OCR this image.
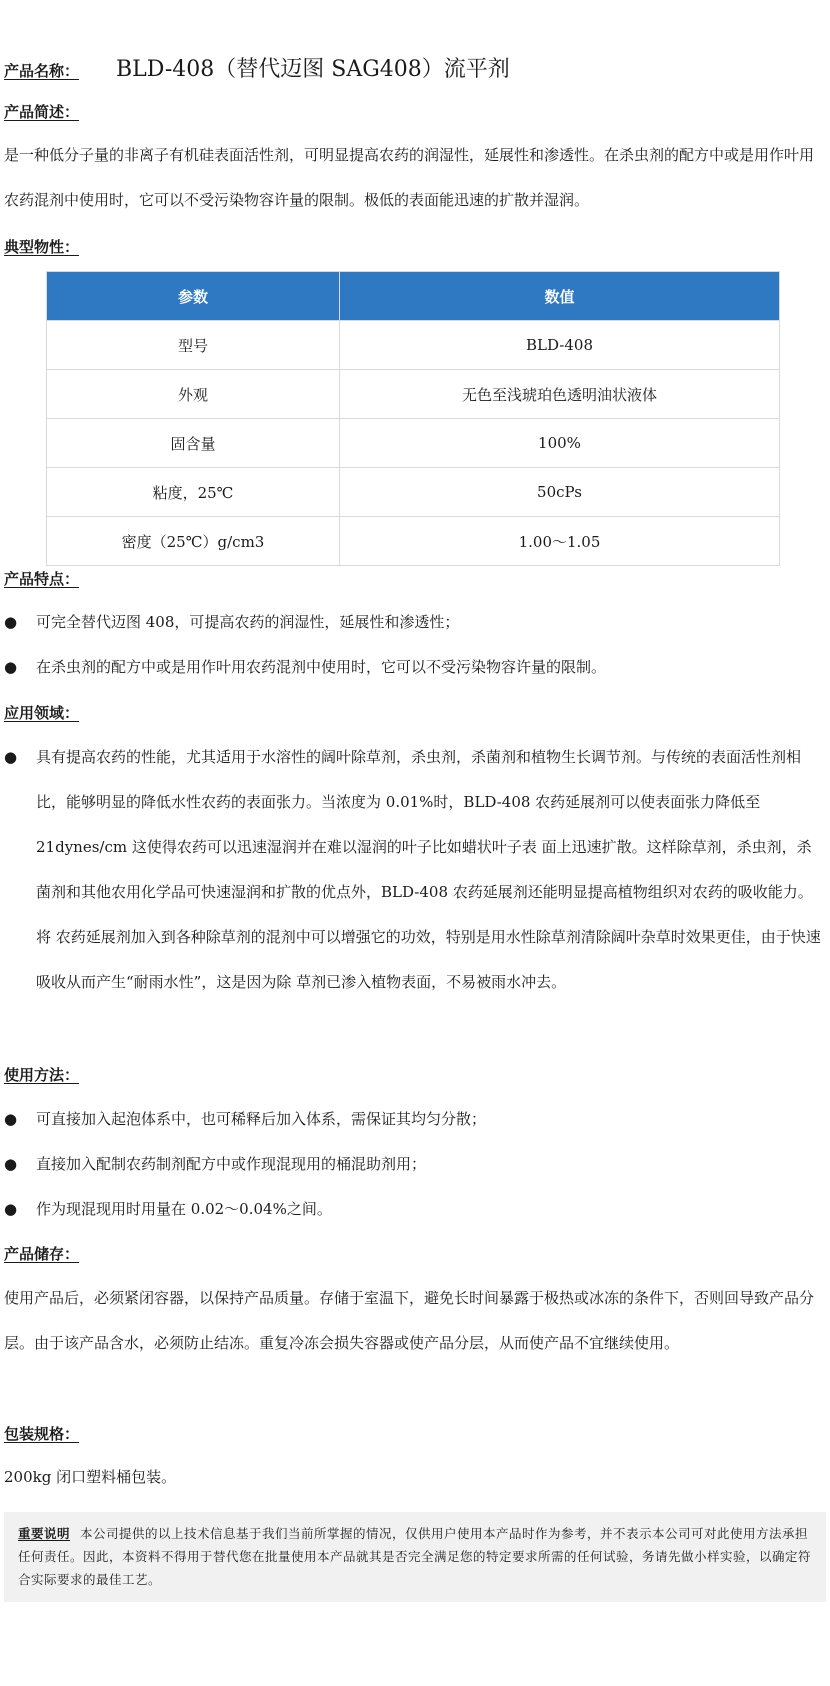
产品名称：	BLD-408（替代迈图 SAG408）流平剂
产品简述：

是一种低分子量的非离子有机硅表面活性剂，可明显提高农药的润湿性，延展性和渗透性。在杀虫剂的配方中或是用作叶用农药混剂中使用时，它可以不受污染物容许量的限制。极低的表面能迅速的扩散并湿润。

典型物性：
参数	数值
型号	BLD-408
外观	无色至浅琥珀色透明油状液体
固含量	100%
粘度，25℃	50cPs
密度（25℃）g/cm3	1.00～1.05
产品特点：
●	可完全替代迈图 408，可提高农药的润湿性，延展性和渗透性；
●	在杀虫剂的配方中或是用作叶用农药混剂中使用时，它可以不受污染物容许量的限制。
应用领域：
●	具有提高农药的性能，尤其适用于水溶性的阔叶除草剂，杀虫剂，杀菌剂和植物生长调节剂。与传统的表面活性剂相比，能够明显的降低水性农药的表面张力。当浓度为 0.01%时，BLD-408 农药延展剂可以使表面张力降低至 21dynes/cm 这使得农药可以迅速湿润并在难以湿润的叶子比如蜡状叶子表 面上迅速扩散。这样除草剂，杀虫剂，杀菌剂和其他农用化学品可快速湿润和扩散的优点外，BLD-408 农药延展剂还能明显提高植物组织对农药的吸收能力。将 农药延展剂加入到各种除草剂的混剂中可以增强它的功效，特别是用水性除草剂清除阔叶杂草时效果更佳，由于快速吸收从而产生“耐雨水性”，这是因为除 草剂已渗入植物表面，不易被雨水冲去。
使用方法：
●	可直接加入起泡体系中，也可稀释后加入体系，需保证其均匀分散；
●	直接加入配制农药制剂配方中或作现混现用的桶混助剂用；
●	作为现混现用时用量在 0.02～0.04%之间。
产品储存：

使用产品后，必须紧闭容器，以保持产品质量。存储于室温下，避免长时间暴露于极热或冰冻的条件下，否则回导致产品分层。由于该产品含水，必须防止结冻。重复冷冻会损失容器或使产品分层，从而使产品不宜继续使用。

包装规格：

200kg 闭口塑料桶包装。

重要说明 本公司提供的以上技术信息基于我们当前所掌握的情况，仅供用户使用本产品时作为参考，并不表示本公司可对此使用方法承担任何责任。因此，本资料不得用于替代您在批量使用本产品就其是否完全满足您的特定要求所需的任何试验，务请先做小样实验，以确定符合实际要求的最佳工艺。
